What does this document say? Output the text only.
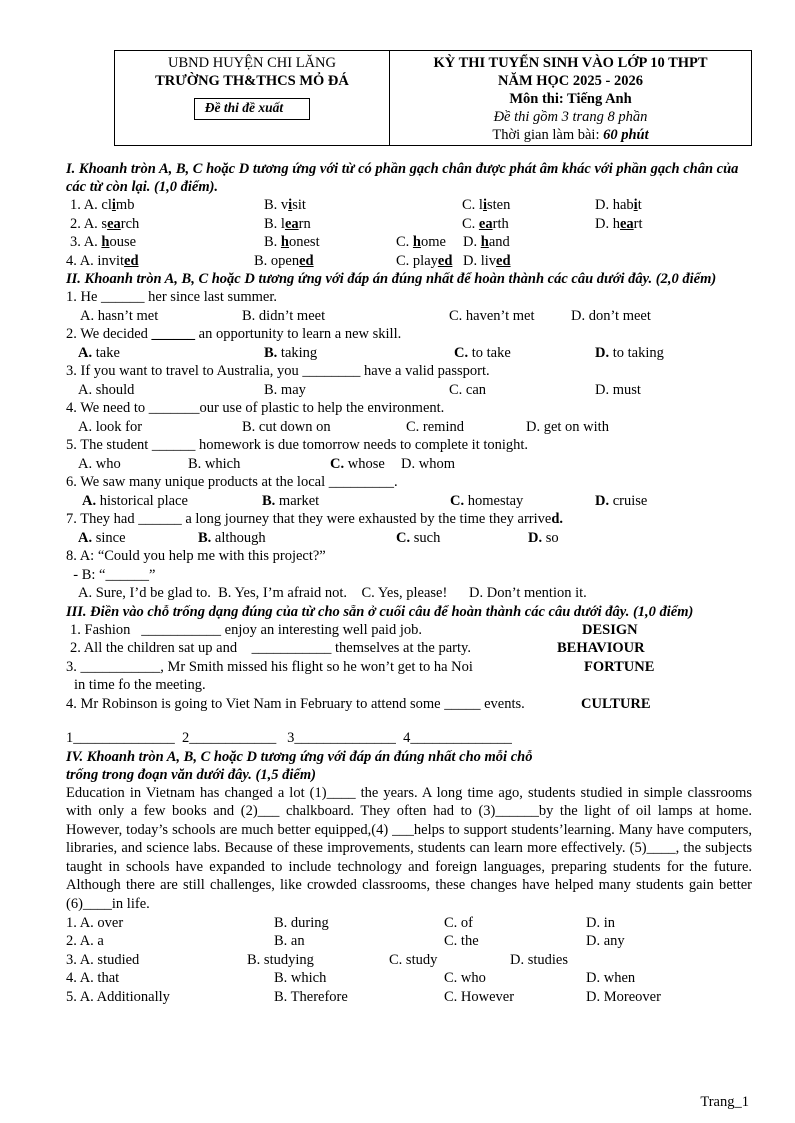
UBND HUYỆN CHI LĂNG
TRƯỜNG TH&THCS MỎ ĐÁ
Đề thi đề xuất
KỲ THI TUYỂN SINH VÀO LỚP 10 THPT
NĂM HỌC 2025 - 2026
Môn thi: Tiếng Anh
Đề thi gồm 3 trang 8 phần
Thời gian làm bài: 60 phút
I. Khoanh tròn A, B, C hoặc D tương ứng với từ có phần gạch chân được phát âm khác với phần gạch chân của các từ còn lại. (1,0 điểm).
1. A. climb	B. visit	C. listen	D. habit
2. A. search	B. learn	C. earth	D. heart
3. A. house	B. honest	C. home D. hand
4. A. invited	B. opened	C. played D. lived
II. Khoanh tròn A, B, C hoặc D tương ứng với đáp án đúng nhất để hoàn thành các câu dưới đây. (2,0 điểm)
1. He ______ her since last summer.
A. hasn’t met	B. didn’t meet	C. haven’t met	D. don’t meet
2. We decided ______ an opportunity to learn a new skill.
A. take	B. taking	C. to take	D. to taking
3. If you want to travel to Australia, you ________ have a valid passport.
A. should	B. may	C. can	D. must
4. We need to _______our use of plastic to help the environment.
A. look for	B. cut down on	C. remind	D. get on with
5. The student ______ homework is due tomorrow needs to complete it tonight.
A. who	B. which	C. whose D. whom
6. We saw many unique products at the local _________.
A. historical place	B. market	C. homestay	D. cruise
7. They had ______ a long journey that they were exhausted by the time they arrived.
A. since	B. although	C. such	D. so
8. A: “Could you help me with this project?”
- B: “______”
A. Sure, I’d be glad to.  B. Yes, I’m afraid not.    C. Yes, please!      D. Don’t mention it.
III. Điền vào chỗ trống dạng đúng của từ cho sẵn ở cuối câu để hoàn thành các câu dưới đây. (1,0 điểm)
1. Fashion   ___________ enjoy an interesting well paid job.	DESIGN
2. All the children sat up and    ___________ themselves at the party.	BEHAVIOUR
3. ___________, Mr Smith missed his flight so he won’t get to ha Noi	FORTUNE
in time fo the meeting.
4. Mr Robinson is going to Viet Nam in February to attend some _____ events.	CULTURE
1______________  2____________   3______________  4______________
IV. Khoanh tròn A, B, C hoặc D tương ứng với đáp án đúng nhất cho mỗi chỗ
trống trong đoạn văn dưới đây. (1,5 điểm)
Education in Vietnam has changed a lot (1)____ the years. A long time ago, students studied in simple classrooms with only a few books and (2)___ chalkboard. They often had to (3)______by the light of oil lamps at home. However, today’s schools are much better equipped,(4) ___helps to support students’learning. Many have computers, libraries, and science labs. Because of these improvements, students can learn more effectively. (5)____, the subjects taught in schools have expanded to include technology and foreign languages, preparing students for the future. Although there are still challenges, like crowded classrooms, these changes have helped many students gain better (6)____in life.
1. A. over	B. during	C. of	D. in
2. A. a	B. an	C. the	D. any
3. A. studied	B. studying	C. study	D. studies
4. A. that	B. which	C. who	D. when
5. A. Additionally	B. Therefore	C. However	D. Moreover
Trang_1
